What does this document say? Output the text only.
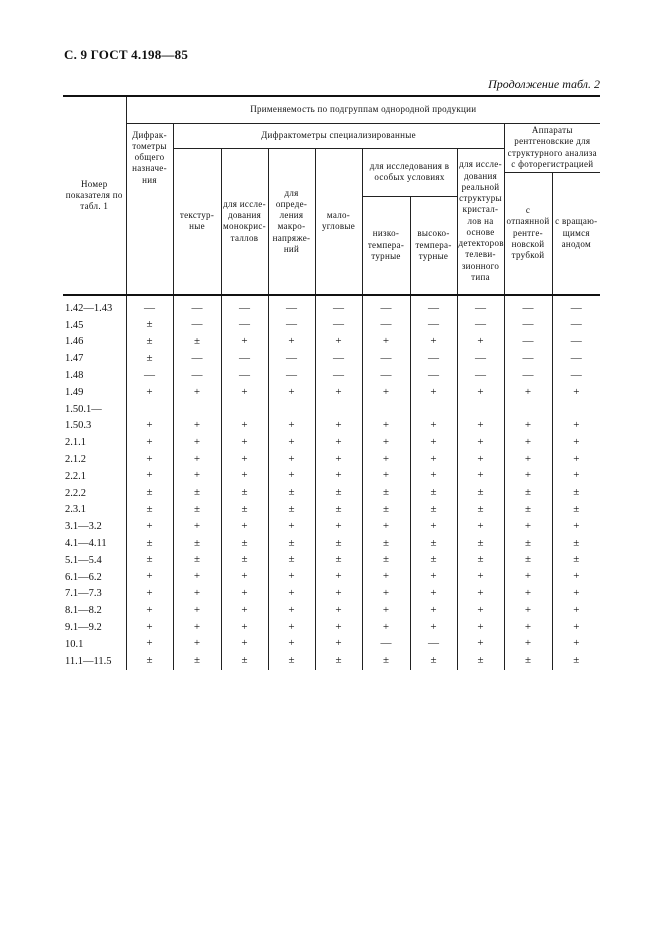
С. 9 ГОСТ 4.198—85
Продолжение табл. 2
Номер показателя по табл. 1	Применяемость по подгруппам однородной продукции									
	Дифрак-тометры общего назначе-ния	Дифрактометры специализированные							Аппараты рентгеновские для структурного анализа с фоторегистрацией	
		текстур-ные	для иссле-дования монокрис-таллов	для опреде-ления макро-напряже-ний	мало-угловые	для исследования в особых условиях		для иссле-дования реальной структуры кристал-лов на основе детекторов телеви-зионного типа		
									с отпаянной рентге-новской трубкой	с вращаю-щимся анодом
						низко-темпера-турные	высоко-темпера-турные			
1.42—1.43	—	—	—	—	—	—	—	—	—	—
1.45	±	—	—	—	—	—	—	—	—	—
1.46	±	±	+	+	+	+	+	+	—	—
1.47	±	—	—	—	—	—	—	—	—	—
1.48	—	—	—	—	—	—	—	—	—	—
1.49	+	+	+	+	+	+	+	+	+	+
1.50.1—										
1.50.3	+	+	+	+	+	+	+	+	+	+
2.1.1	+	+	+	+	+	+	+	+	+	+
2.1.2	+	+	+	+	+	+	+	+	+	+
2.2.1	+	+	+	+	+	+	+	+	+	+
2.2.2	±	±	±	±	±	±	±	±	±	±
2.3.1	±	±	±	±	±	±	±	±	±	±
3.1—3.2	+	+	+	+	+	+	+	+	+	+
4.1—4.11	±	±	±	±	±	±	±	±	±	±
5.1—5.4	±	±	±	±	±	±	±	±	±	±
6.1—6.2	+	+	+	+	+	+	+	+	+	+
7.1—7.3	+	+	+	+	+	+	+	+	+	+
8.1—8.2	+	+	+	+	+	+	+	+	+	+
9.1—9.2	+	+	+	+	+	+	+	+	+	+
10.1	+	+	+	+	+	—	—	+	+	+
11.1—11.5	±	±	±	±	±	±	±	±	±	±
